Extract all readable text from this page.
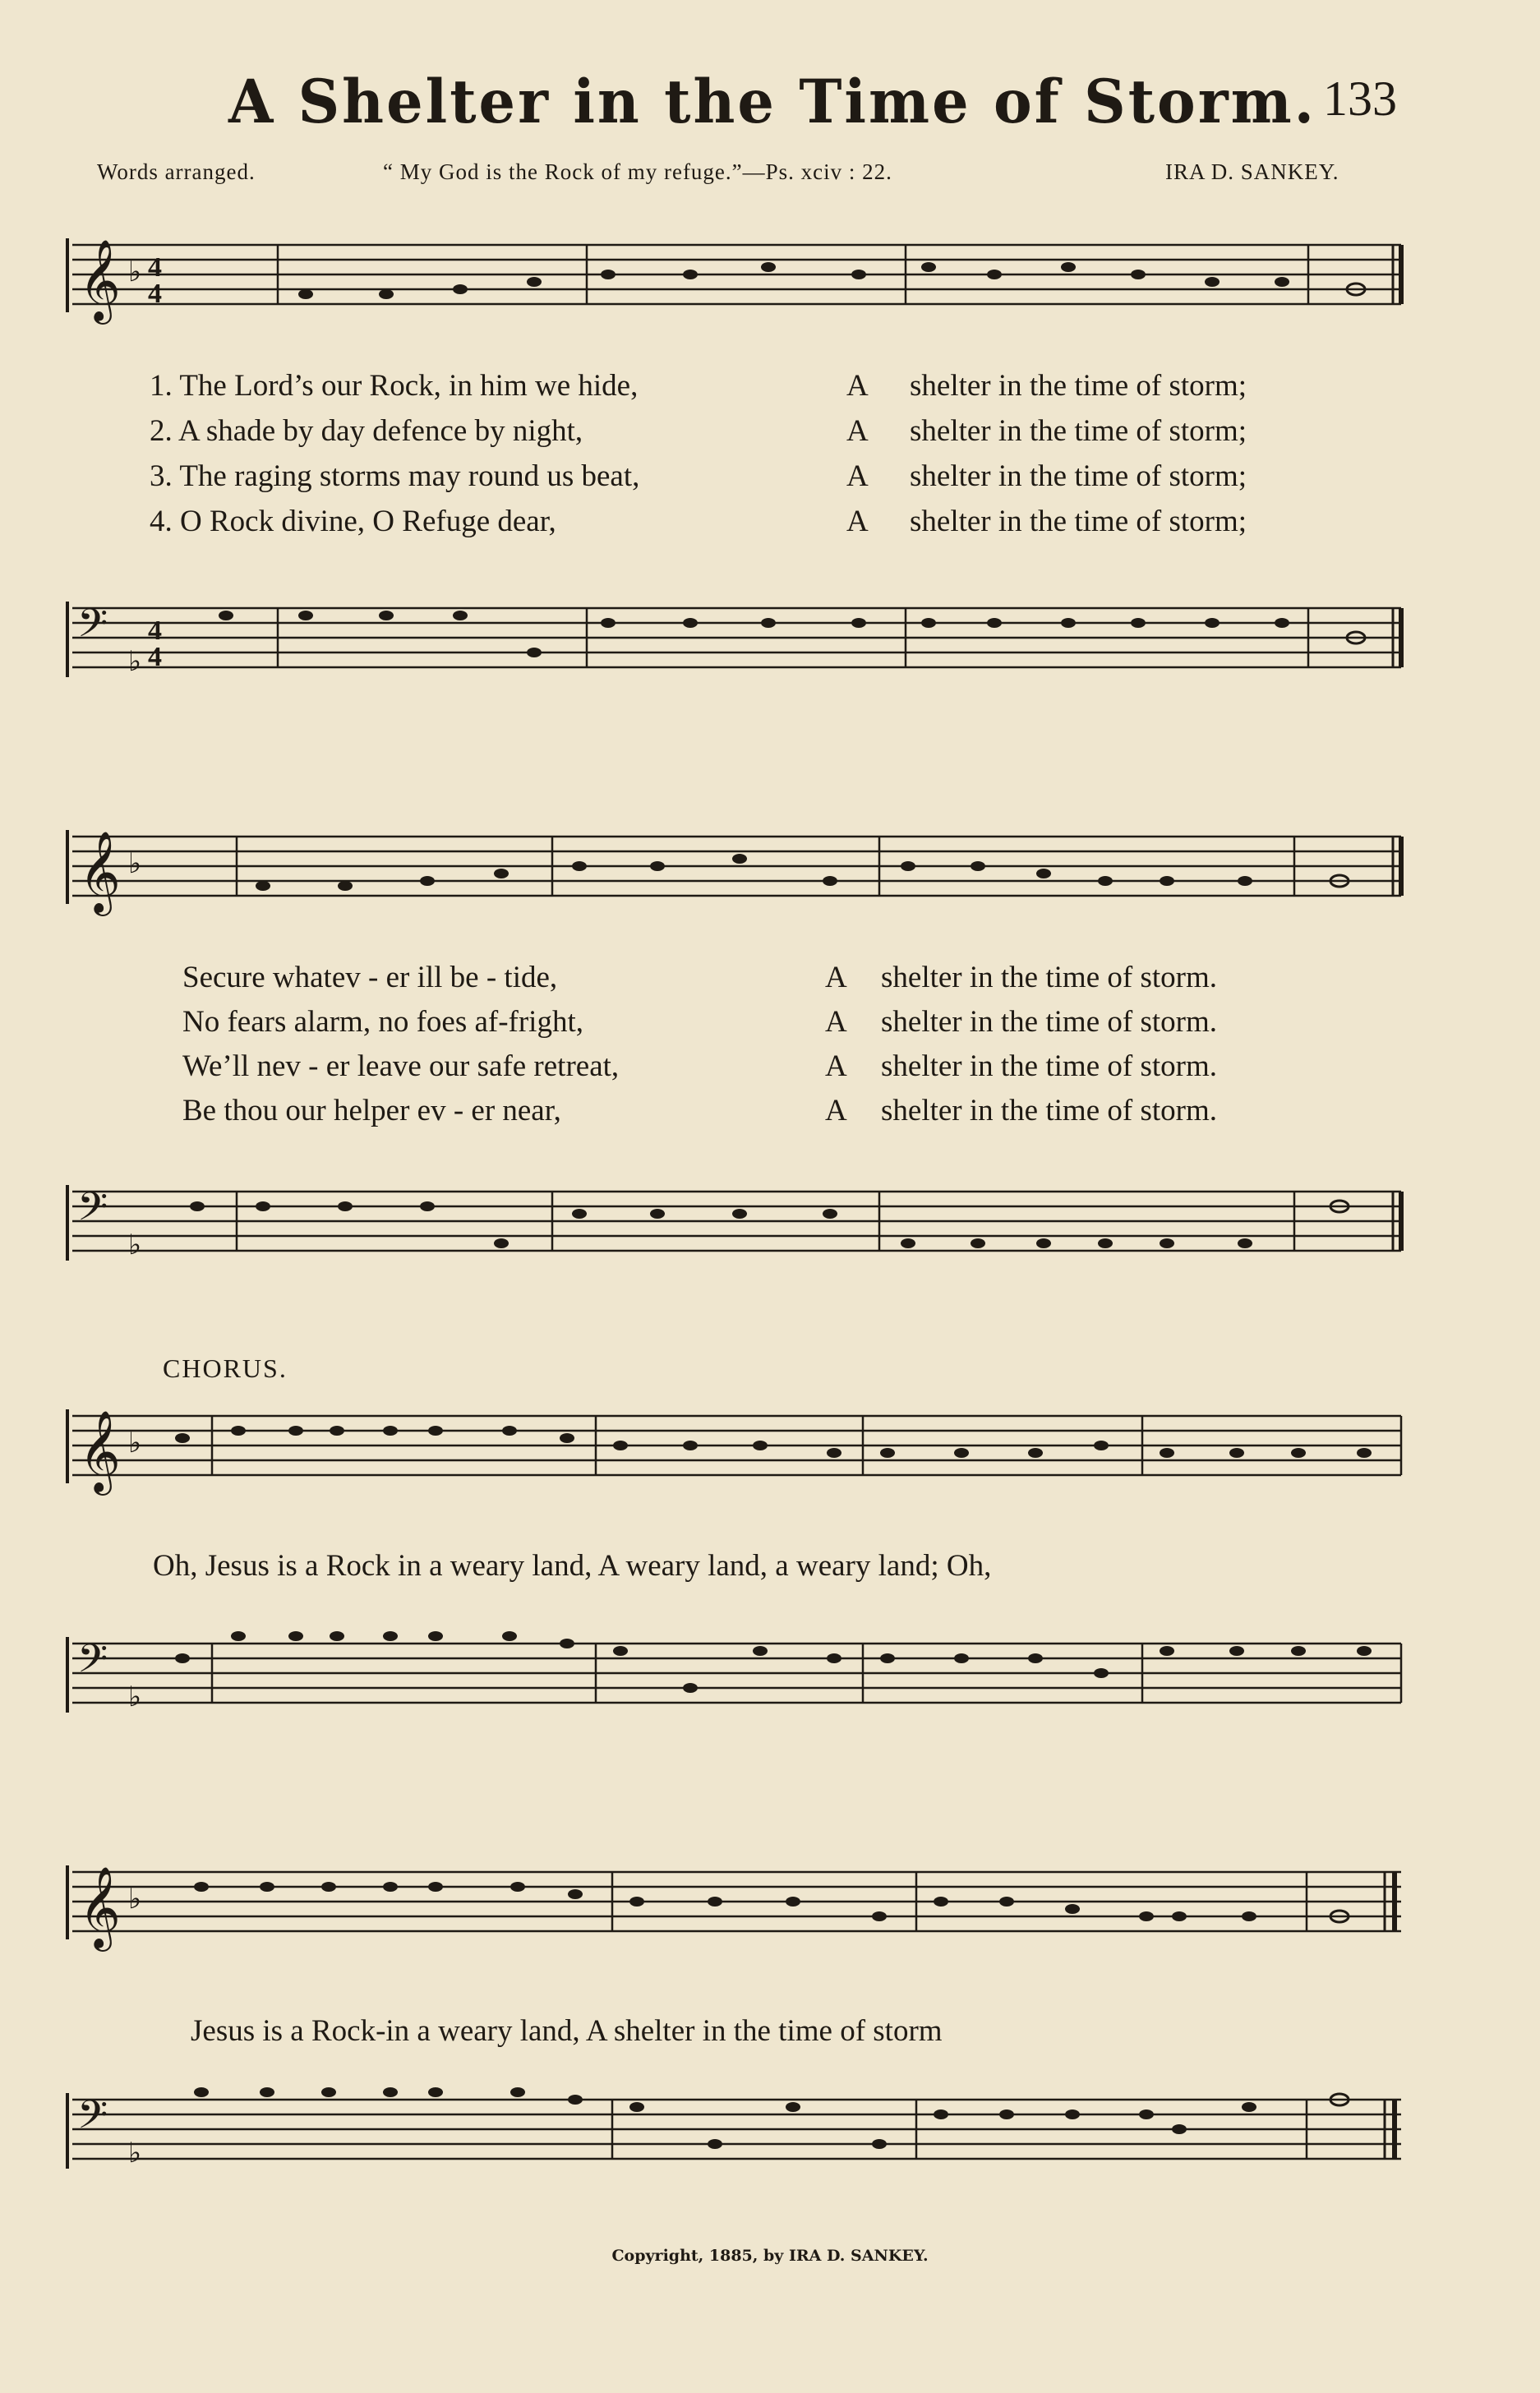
A Shelter in the Time of Storm. 133
Words arranged.	“ My God is the Rock of my refuge.”—Ps. xciv : 22.	IRA D. SANKEY.
𝄞 ♭ 4
4
1. The Lord’s our Rock, in him we hide,	A shelter in the time of storm;
2. A shade by day defence by night,	A shelter in the time of storm;
3. The raging storms may round us beat,	A shelter in the time of storm;
4. O Rock divine, O Refuge dear,	A shelter in the time of storm;
𝄢
♭
4
4
𝄞 ♭
Secure whatev - er ill be - tide,	A shelter in the time of storm.
No fears alarm, no foes af-fright,	A shelter in the time of storm.
We’ll nev - er leave our safe retreat,	A shelter in the time of storm.
Be thou our helper ev - er near,	A shelter in the time of storm.
𝄢
♭
CHORUS.
𝄞 ♭
Oh, Jesus is a Rock in a weary land, A weary land, a weary land; Oh,
𝄢
♭
𝄞 ♭
Jesus is a Rock-in a weary land, A shelter in the time of storm
𝄢
♭
Copyright, 1885, by IRA D. SANKEY.
